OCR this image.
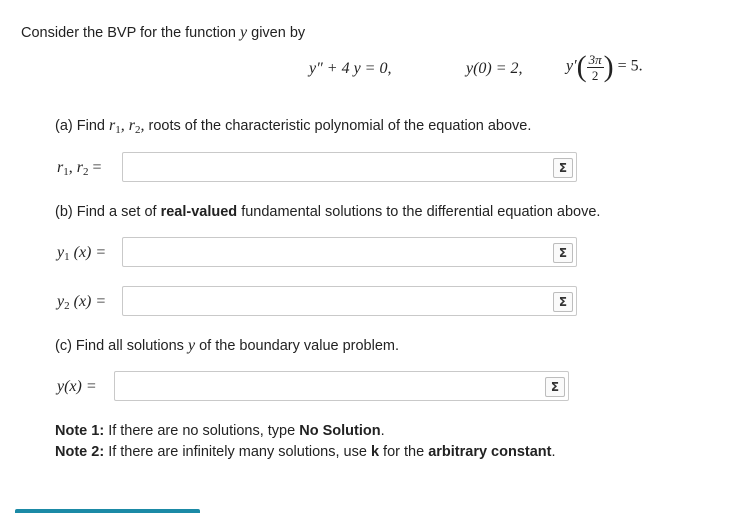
Consider the BVP for the function y given by
y″ + 4 y = 0,	y(0) = 2,	$y'( \frac{3\pi}{2}$ ) = 5.
(a) Find $r_1$, $r_2$, roots of the characteristic polynomial of the equation above.
$r_1$, $r_2$ =	Σ
(b) Find a set of real-valued fundamental solutions to the differential equation above.
$y_1$ (x) =	Σ
$y_2$ (x) =	Σ
(c) Find all solutions y of the boundary value problem.
y(x) =	Σ
Note 1: If there are no solutions, type No Solution.
Note 2: If there are infinitely many solutions, use k for the arbitrary constant.
